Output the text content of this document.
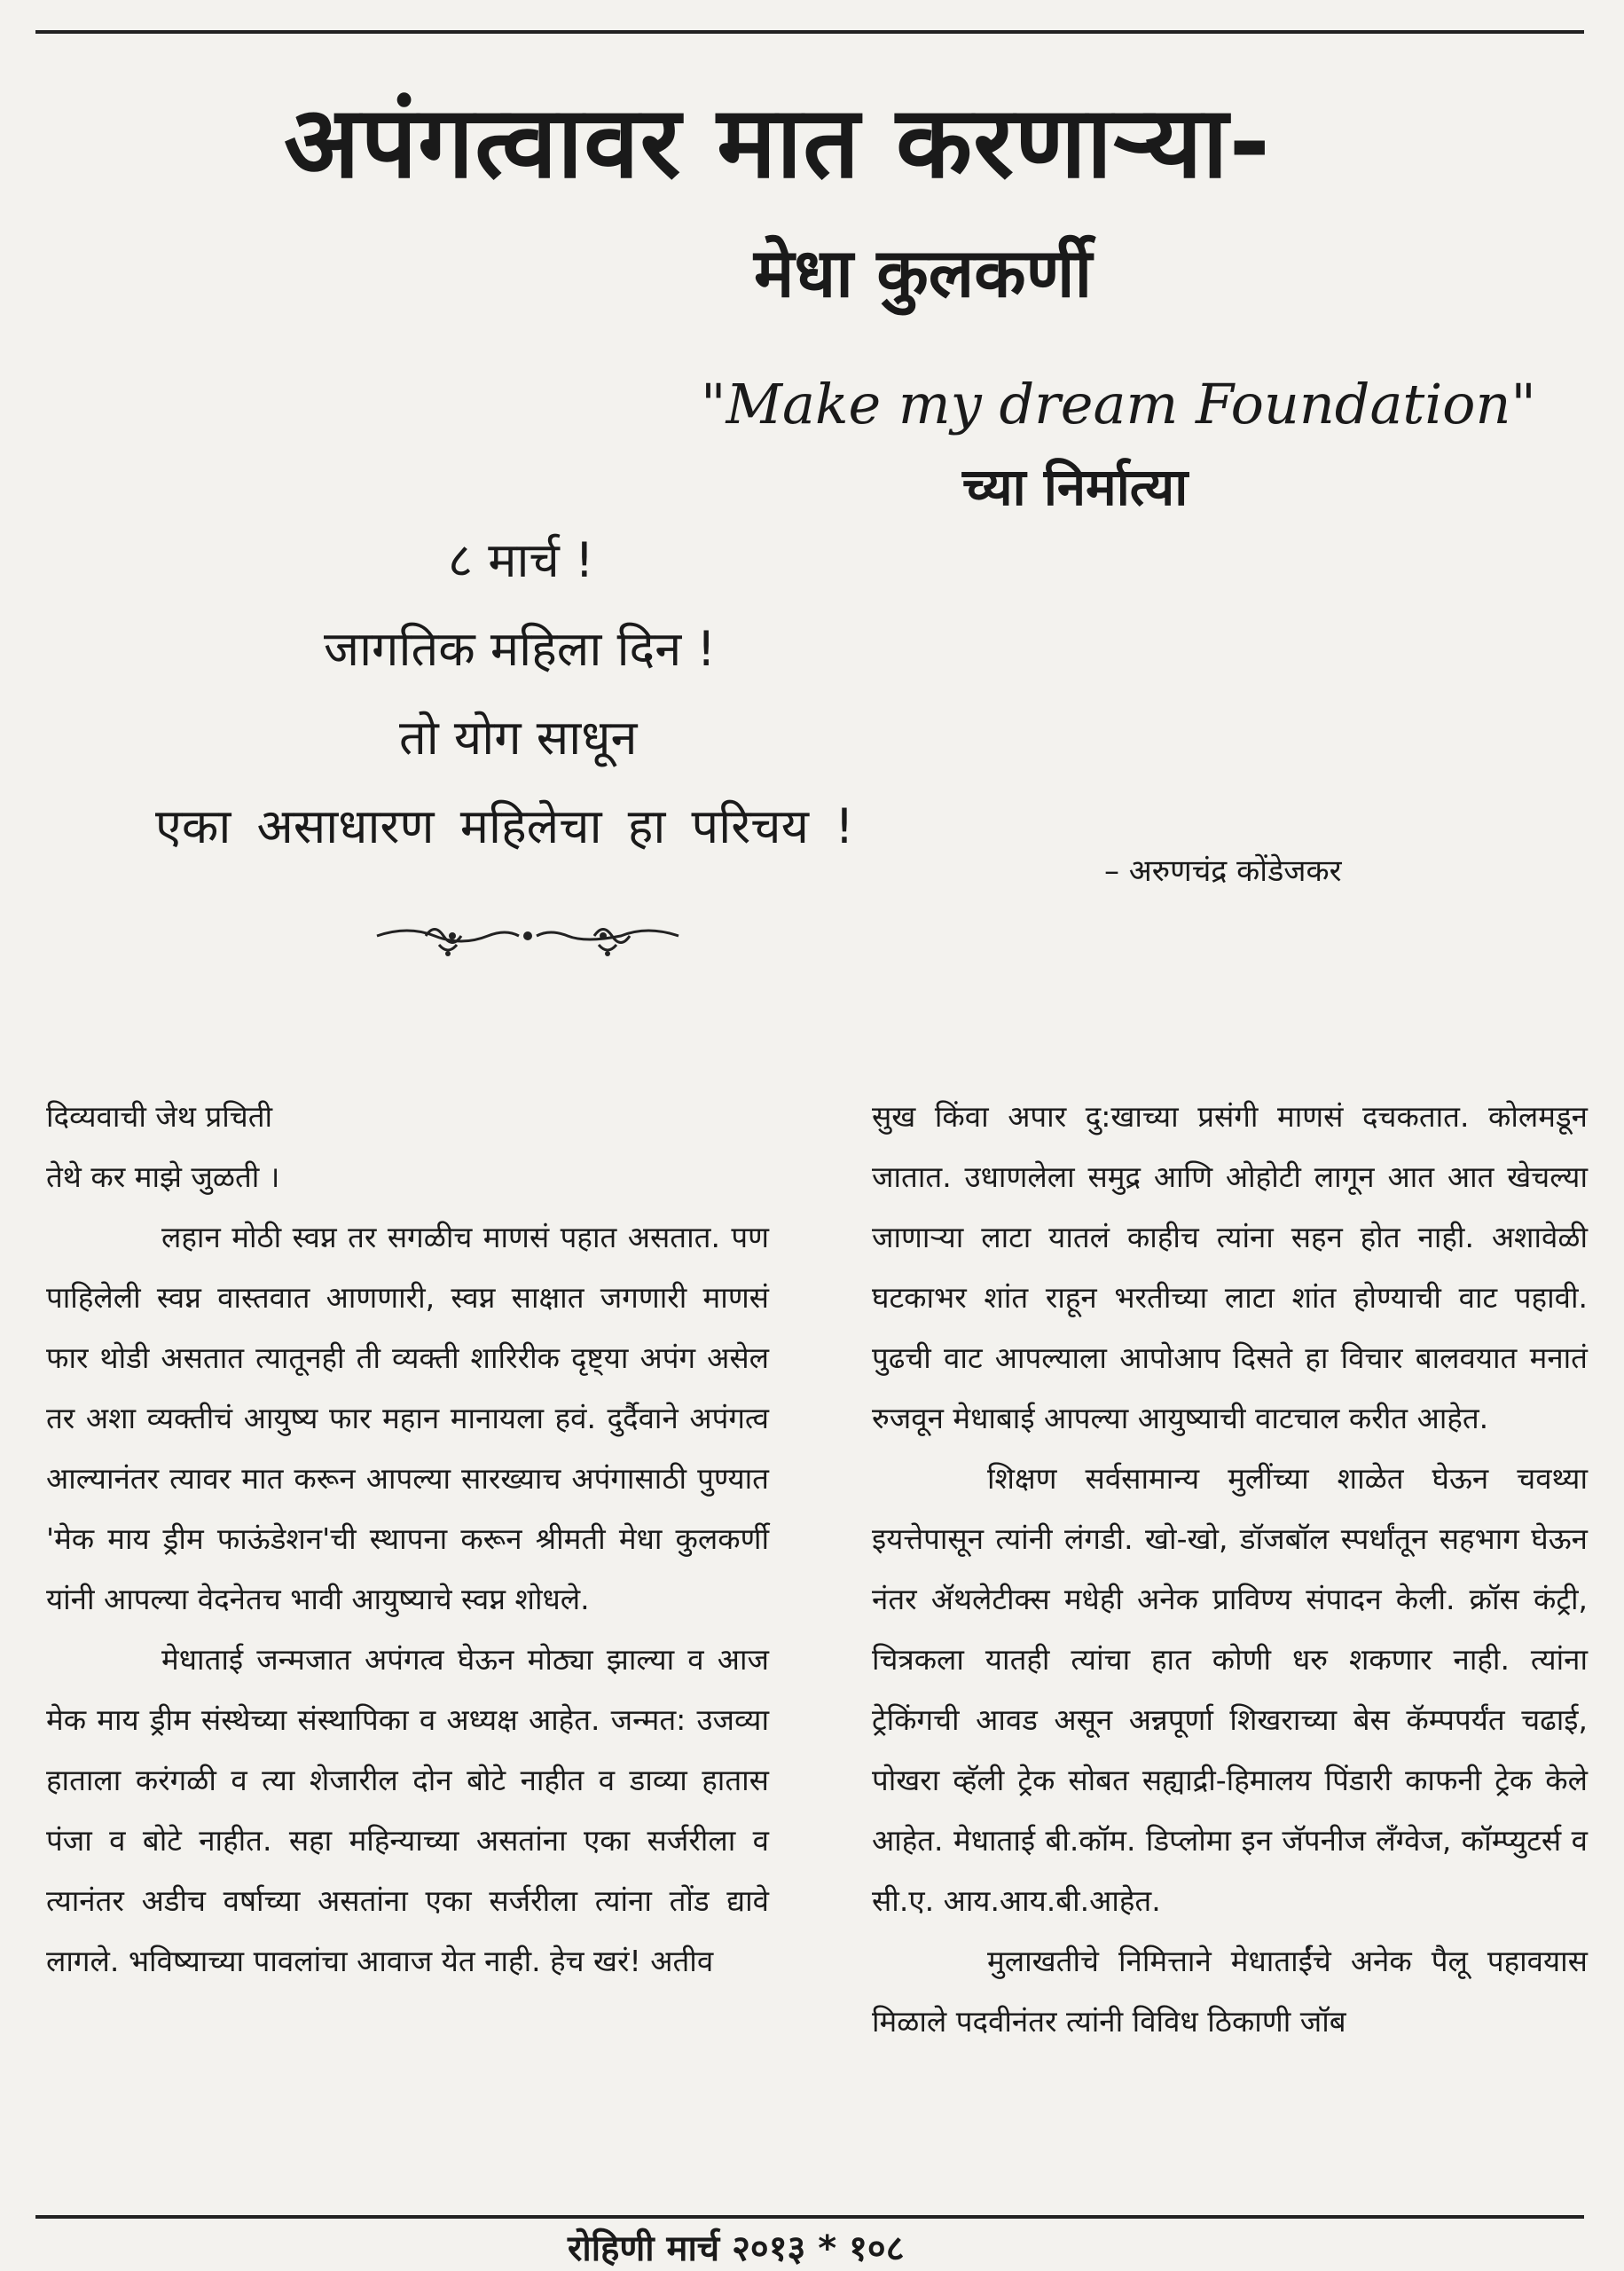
अपंगत्वावर मात करणाऱ्या-
मेधा कुलकर्णी
"Make my dream Foundation"
च्या निर्मात्या
८ मार्च !
जागतिक महिला दिन !
तो योग साधून
एका असाधारण महिलेचा हा परिचय !
– अरुणचंद्र कोंडेजकर

दिव्यवाची जेथ प्रचिती

तेथे कर माझे जुळती ।

लहान मोठी स्वप्न तर सगळीच माणसं पहात असतात. पण पाहिलेली स्वप्न वास्तवात आणणारी, स्वप्न साक्षात जगणारी माणसं फार थोडी असतात त्यातूनही ती व्यक्ती शारिरीक दृष्ट्या अपंग असेल तर अशा व्यक्तीचं आयुष्य फार महान मानायला हवं. दुर्दैवाने अपंगत्व आल्यानंतर त्यावर मात करून आपल्या सारख्याच अपंगासाठी पुण्यात 'मेक माय ड्रीम फाऊंडेशन'ची स्थापना करून श्रीमती मेधा कुलकर्णी यांनी आपल्या वेदनेतच भावी आयुष्याचे स्वप्न शोधले.

मेधाताई जन्मजात अपंगत्व घेऊन मोठ्या झाल्या व आज मेक माय ड्रीम संस्थेच्या संस्थापिका व अध्यक्ष आहेत. जन्मत: उजव्या हाताला करंगळी व त्या शेजारील दोन बोटे नाहीत व डाव्या हातास पंजा व बोटे नाहीत. सहा महिन्याच्या असतांना एका सर्जरीला व त्यानंतर अडीच वर्षाच्या असतांना एका सर्जरीला त्यांना तोंड द्यावे लागले. भविष्याच्या पावलांचा आवाज येत नाही. हेच खरं! अतीव

सुख किंवा अपार दु:खाच्या प्रसंगी माणसं दचकतात. कोलमडून जातात. उधाणलेला समुद्र आणि ओहोटी लागून आत आत खेचल्या जाणाऱ्या लाटा यातलं काहीच त्यांना सहन होत नाही. अशावेळी घटकाभर शांत राहून भरतीच्या लाटा शांत होण्याची वाट पहावी. पुढची वाट आपल्याला आपोआप दिसते हा विचार बालवयात मनातं रुजवून मेधाबाई आपल्या आयुष्याची वाटचाल करीत आहेत.

शिक्षण सर्वसामान्य मुलींच्या शाळेत घेऊन चवथ्या इयत्तेपासून त्यांनी लंगडी. खो-खो, डॉजबॉल स्पर्धांतून सहभाग घेऊन नंतर ॲथलेटीक्स मधेही अनेक प्राविण्य संपादन केली. क्रॉस कंट्री, चित्रकला यातही त्यांचा हात कोणी धरु शकणार नाही. त्यांना ट्रेकिंगची आवड असून अन्नपूर्णा शिखराच्या बेस कॅम्पपर्यंत चढाई, पोखरा व्हॅली ट्रेक सोबत सह्याद्री-हिमालय पिंडारी काफनी ट्रेक केले आहेत. मेधाताई बी.कॉम. डिप्लोमा इन जॅपनीज लँग्वेज, कॉम्प्युटर्स व सी.ए. आय.आय.बी.आहेत.

मुलाखतीचे निमित्ताने मेधाताईंचे अनेक पैलू पहावयास मिळाले पदवीनंतर त्यांनी विविध ठिकाणी जॉब

रोहिणी मार्च २०१३ * १०८
